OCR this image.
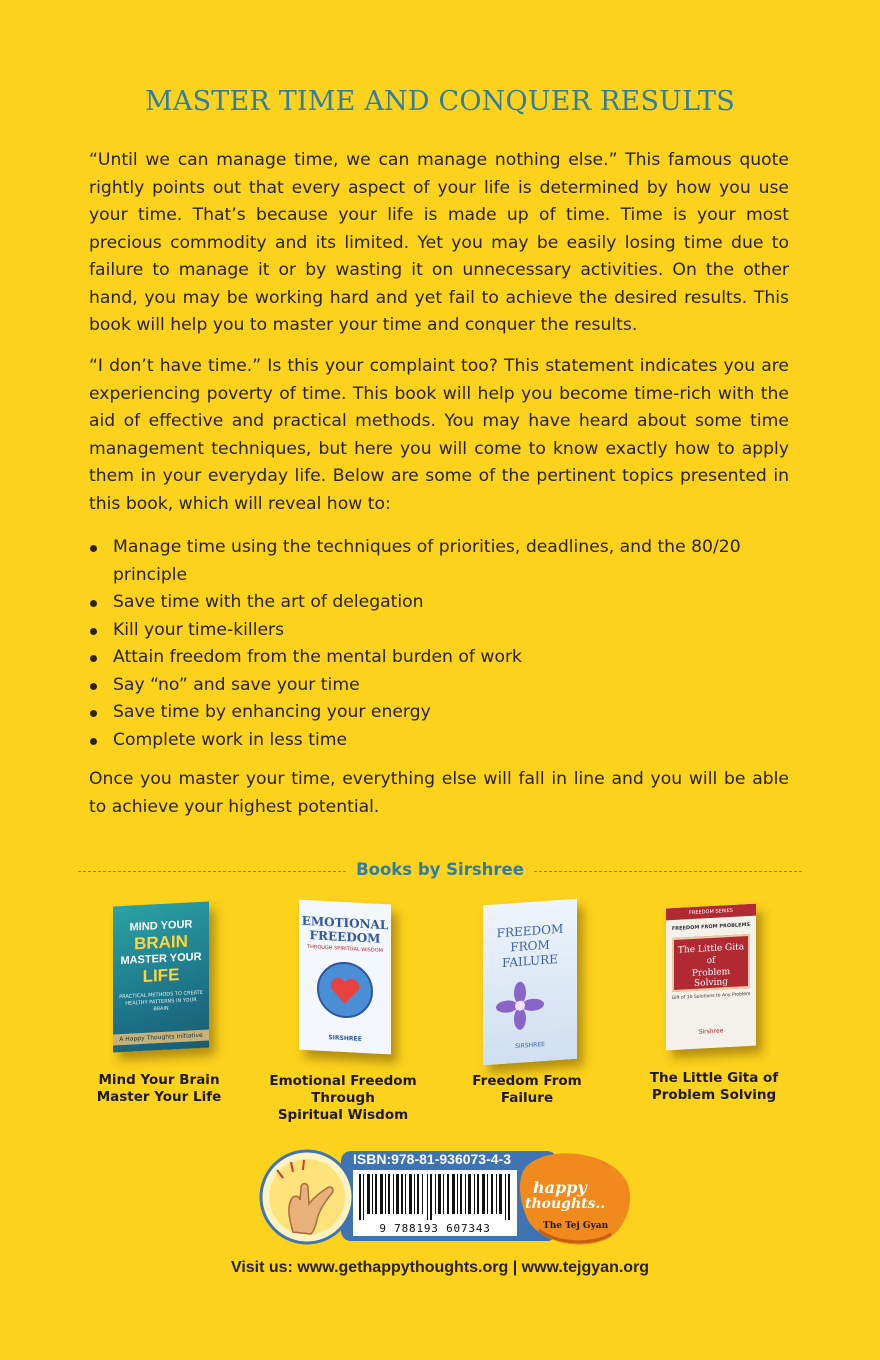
MASTER TIME AND CONQUER RESULTS

“Until we can manage time, we can manage nothing else.” This famous quote rightly points out that every aspect of your life is determined by how you use your time. That’s because your life is made up of time. Time is your most precious commodity and its limited. Yet you may be easily losing time due to failure to manage it or by wasting it on unnecessary activities. On the other hand, you may be working hard and yet fail to achieve the desired results. This book will help you to master your time and conquer the results.

“I don’t have time.” Is this your complaint too? This statement indicates you are experiencing poverty of time. This book will help you become time-rich with the aid of effective and practical methods. You may have heard about some time management techniques, but here you will come to know exactly how to apply them in your everyday life. Below are some of the pertinent topics presented in this book, which will reveal how to:

Manage time using the techniques of priorities, deadlines, and the 80/20 principle
Save time with the art of delegation
Kill your time-killers
Attain freedom from the mental burden of work
Say “no” and save your time
Save time by enhancing your energy
Complete work in less time

Once you master your time, everything else will fall in line and you will be able to achieve your highest potential.

Books by Sirshree
MIND YOUR
BRAIN
MASTER YOUR
LIFE
PRACTICAL METHODS TO CREATE HEALTHY PATTERNS IN YOUR BRAIN
A Happy Thoughts Initiative
Mind Your Brain
Master Your Life
EMOTIONAL
FREEDOM
THROUGH SPIRITUAL WISDOM
SIRSHREE
Emotional Freedom Through
Spiritual Wisdom
FREEDOM
FROM
FAILURE
SIRSHREE
Freedom From
Failure
FREEDOM SERIES
FREEDOM FROM PROBLEMS
The Little Gita
of
Problem Solving
Gift of 10 Solutions to Any Problem
Sirshree
The Little Gita of
Problem Solving
ISBN:978-81-936073-4-3
9 788193 607343
happy
thoughts..
The Tej Gyan
Visit us: www.gethappythoughts.org | www.tejgyan.org
